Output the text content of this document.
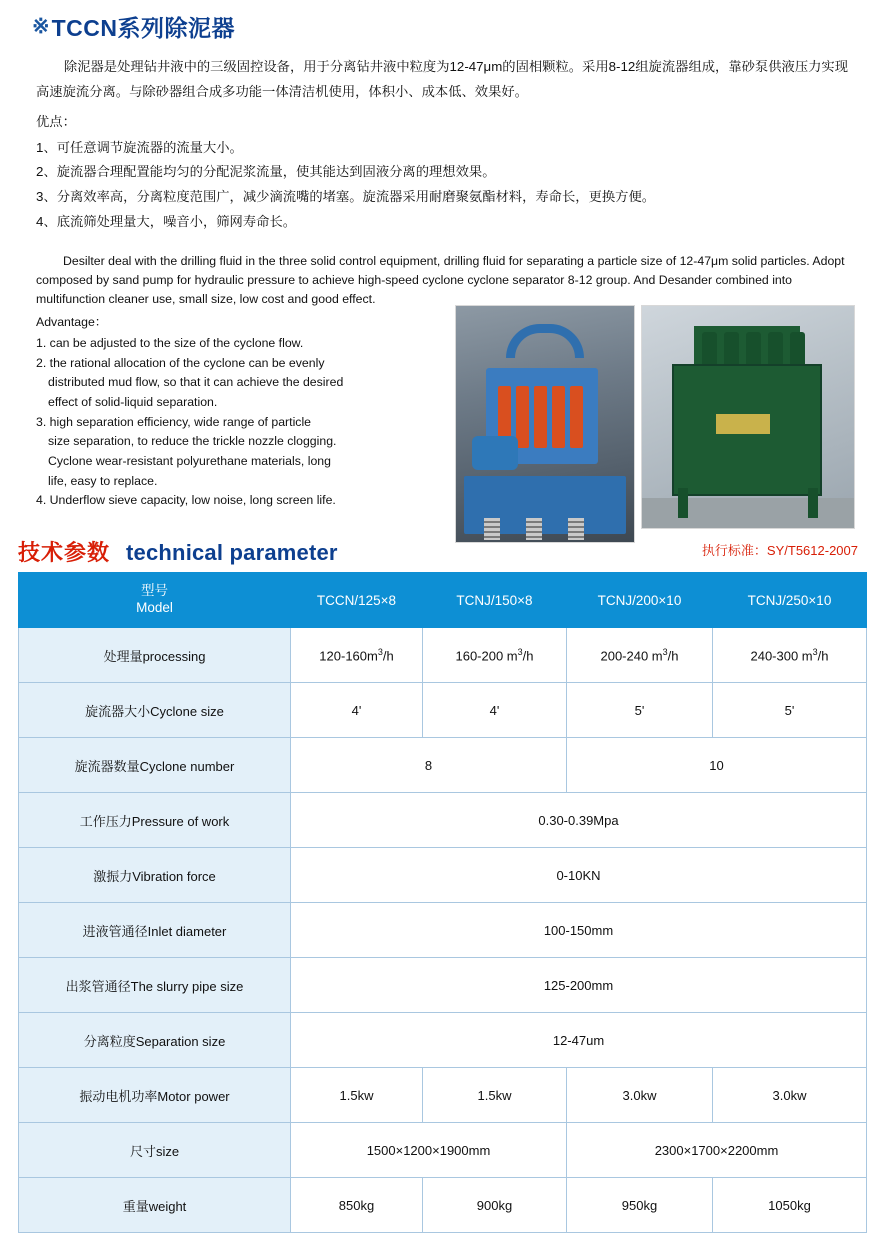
※ TCCN系列除泥器

除泥器是处理钻井液中的三级固控设备，用于分离钻井液中粒度为12-47μm的固相颗粒。采用8-12组旋流器组成，靠砂泵供液压力实现高速旋流分离。与除砂器组合成多功能一体清洁机使用，体积小、成本低、效果好。

优点：

1、可任意调节旋流器的流量大小。

2、旋流器合理配置能均匀的分配泥浆流量，使其能达到固液分离的理想效果。

3、分离效率高，分离粒度范围广，减少滴流嘴的堵塞。旋流器采用耐磨聚氨酯材料，寿命长，更换方便。

4、底流筛处理量大，噪音小，筛网寿命长。

Desilter deal with the drilling fluid in the three solid control equipment, drilling fluid for separating a particle size of 12-47μm solid particles. Adopt composed by sand pump for hydraulic pressure to achieve high-speed cyclone cyclone separator 8-12 group. And Desander combined into multifunction cleaner use, small size, low cost and good effect.

Advantage：

1. can be adjusted to the size of the cyclone flow.

2. the rational allocation of the cyclone can be evenly

distributed mud flow, so that it can achieve the desired

effect of solid-liquid separation.

3. high separation efficiency, wide range of particle

size separation, to reduce the trickle nozzle clogging.

Cyclone wear-resistant polyurethane materials, long

life, easy to replace.

4. Underflow sieve capacity, low noise, long screen life.

技术参数 technical parameter	执行标准：SY/T5612-2007
型号
Model	TCCN/125×8	TCNJ/150×8	TCNJ/200×10	TCNJ/250×10
处理量processing	$120-160m^3/h$	160-200 $m^3/h$	200-240 $m^3/h$	240-300 $m^3/h$
旋流器大小Cyclone size	4'	4'	5'	5'
旋流器数量Cyclone number	8		10	
工作压力Pressure of work	0.30-0.39Mpa			
激振力Vibration force	0-10KN			
进液管通径Inlet diameter	100-150mm			
出浆管通径The slurry pipe size	125-200mm			
分离粒度Separation size	12-47um			
振动电机功率Motor power	1.5kw	1.5kw	3.0kw	3.0kw
尺寸size	1500×1200×1900mm		2300×1700×2200mm	
重量weight	850kg	900kg	950kg	1050kg
